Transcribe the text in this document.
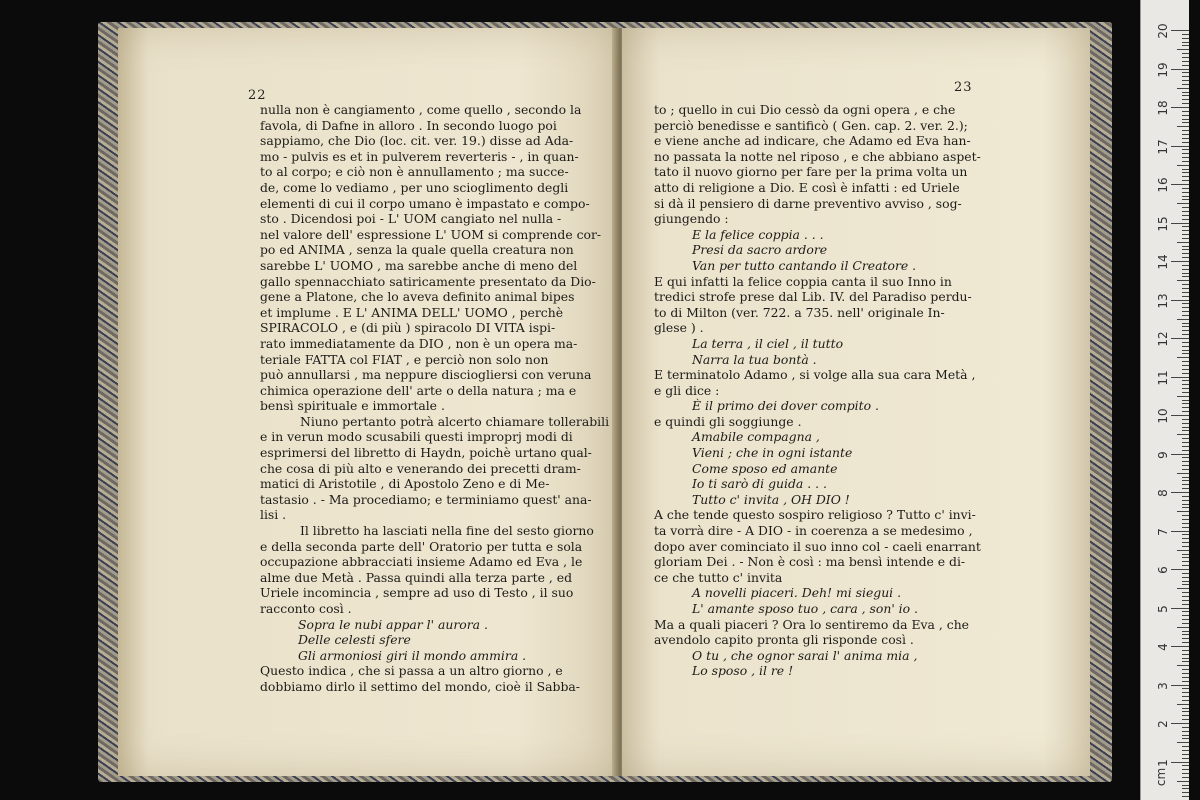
22
nulla non è cangiamento , come quello , secondo la
favola, di Dafne in alloro . In secondo luogo poi
sappiamo, che Dio (loc. cit. ver. 19.) disse ad Ada-
mo - pulvis es et in pulverem reverteris - , in quan-
to al corpo; e ciò non è annullamento ; ma succe-
de, come lo vediamo , per uno scioglimento degli
elementi di cui il corpo umano è impastato e compo-
sto . Dicendosi poi - L' UOM cangiato nel nulla -
nel valore dell' espressione L' UOM si comprende cor-
po ed ANIMA , senza la quale quella creatura non
sarebbe L' UOMO , ma sarebbe anche di meno del
gallo spennacchiato satiricamente presentato da Dio-
gene a Platone, che lo aveva definito animal bipes
et implume . E L' ANIMA DELL' UOMO , perchè
SPIRACOLO , e (di più ) spiracolo DI VITA ispi-
rato immediatamente da DIO , non è un opera ma-
teriale FATTA col FIAT , e perciò non solo non
può annullarsi , ma neppure disciogliersi con veruna
chimica operazione dell' arte o della natura ; ma e
bensì spirituale e immortale .
Niuno pertanto potrà alcerto chiamare tollerabili
e in verun modo scusabili questi improprj modi di
esprimersi del libretto di Haydn, poichè urtano qual-
che cosa di più alto e venerando dei precetti dram-
matici di Aristotile , di Apostolo Zeno e di Me-
tastasio . - Ma procediamo; e terminiamo quest' ana-
lisi .
Il libretto ha lasciati nella fine del sesto giorno
e della seconda parte dell' Oratorio per tutta e sola
occupazione abbracciati insieme Adamo ed Eva , le
alme due Metà . Passa quindi alla terza parte , ed
Uriele incomincia , sempre ad uso di Testo , il suo
racconto così .
Sopra le nubi appar l' aurora .
Delle celesti sfere
Gli armoniosi giri il mondo ammira .
Questo indica , che si passa a un altro giorno , e
dobbiamo dirlo il settimo del mondo, cioè il Sabba-
23
to ; quello in cui Dio cessò da ogni opera , e che
perciò benedisse e santificò ( Gen. cap. 2. ver. 2.);
e viene anche ad indicare, che Adamo ed Eva han-
no passata la notte nel riposo , e che abbiano aspet-
tato il nuovo giorno per fare per la prima volta un
atto di religione a Dio. E così è infatti : ed Uriele
si dà il pensiero di darne preventivo avviso , sog-
giungendo :
E la felice coppia . . .
Presi da sacro ardore
Van per tutto cantando il Creatore .
E qui infatti la felice coppia canta il suo Inno in
tredici strofe prese dal Lib. IV. del Paradiso perdu-
to di Milton (ver. 722. a 735. nell' originale In-
glese ) .
La terra , il ciel , il tutto
Narra la tua bontà .
E terminatolo Adamo , si volge alla sua cara Metà ,
e gli dice :
È il primo dei dover compito .
e quindi gli soggiunge .
Amabile compagna ,
Vieni ; che in ogni istante
Come sposo ed amante
Io ti sarò di guida . . .
Tutto c' invita , OH DIO !
A che tende questo sospiro religioso ? Tutto c' invi-
ta vorrà dire - A DIO - in coerenza a se medesimo ,
dopo aver cominciato il suo inno col - caeli enarrant
gloriam Dei . - Non è così : ma bensì intende e di-
ce che tutto c' invita
A novelli piaceri. Deh! mi siegui .
L' amante sposo tuo , cara , son' io .
Ma a quali piaceri ? Ora lo sentiremo da Eva , che
avendolo capito pronta gli risponde così .
O tu , che ognor sarai l' anima mia ,
Lo sposo , il re !
cm
20
19
18
17
16
15
14
13
12
11
10
9
8
7
6
5
4
3
2
1
